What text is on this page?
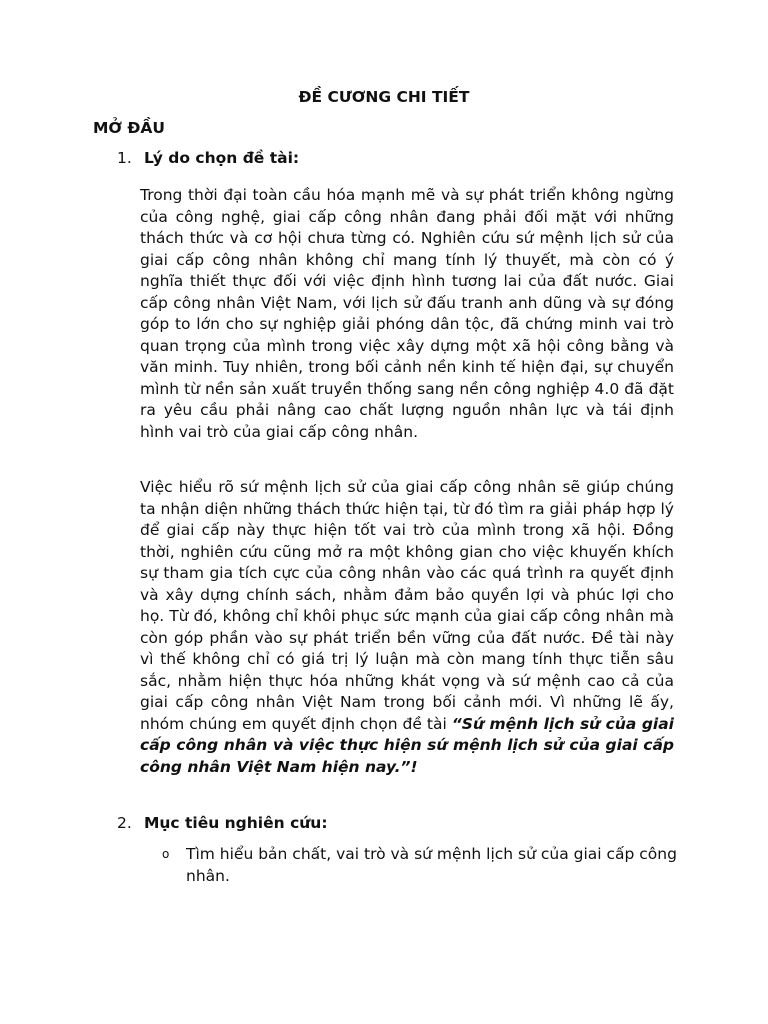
ĐỀ CƯƠNG CHI TIẾT
MỞ ĐẦU
1. Lý do chọn đề tài:

Trong thời đại toàn cầu hóa mạnh mẽ và sự phát triển không ngừng của công nghệ, giai cấp công nhân đang phải đối mặt với những thách thức và cơ hội chưa từng có. Nghiên cứu sứ mệnh lịch sử của giai cấp công nhân không chỉ mang tính lý thuyết, mà còn có ý nghĩa thiết thực đối với việc định hình tương lai của đất nước. Giai cấp công nhân Việt Nam, với lịch sử đấu tranh anh dũng và sự đóng góp to lớn cho sự nghiệp giải phóng dân tộc, đã chứng minh vai trò quan trọng của mình trong việc xây dựng một xã hội công bằng và văn minh. Tuy nhiên, trong bối cảnh nền kinh tế hiện đại, sự chuyển mình từ nền sản xuất truyền thống sang nền công nghiệp 4.0 đã đặt ra yêu cầu phải nâng cao chất lượng nguồn nhân lực và tái định hình vai trò của giai cấp công nhân.

Việc hiểu rõ sứ mệnh lịch sử của giai cấp công nhân sẽ giúp chúng ta nhận diện những thách thức hiện tại, từ đó tìm ra giải pháp hợp lý để giai cấp này thực hiện tốt vai trò của mình trong xã hội. Đồng thời, nghiên cứu cũng mở ra một không gian cho việc khuyến khích sự tham gia tích cực của công nhân vào các quá trình ra quyết định và xây dựng chính sách, nhằm đảm bảo quyền lợi và phúc lợi cho họ. Từ đó, không chỉ khôi phục sức mạnh của giai cấp công nhân mà còn góp phần vào sự phát triển bền vững của đất nước. Đề tài này vì thế không chỉ có giá trị lý luận mà còn mang tính thực tiễn sâu sắc, nhằm hiện thực hóa những khát vọng và sứ mệnh cao cả của giai cấp công nhân Việt Nam trong bối cảnh mới. Vì những lẽ ấy, nhóm chúng em quyết định chọn đề tài “Sứ mệnh lịch sử của giai cấp công nhân và việc thực hiện sứ mệnh lịch sử của giai cấp công nhân Việt Nam hiện nay.”!

2. Mục tiêu nghiên cứu:
o	Tìm hiểu bản chất, vai trò và sứ mệnh lịch sử của giai cấp công nhân.
